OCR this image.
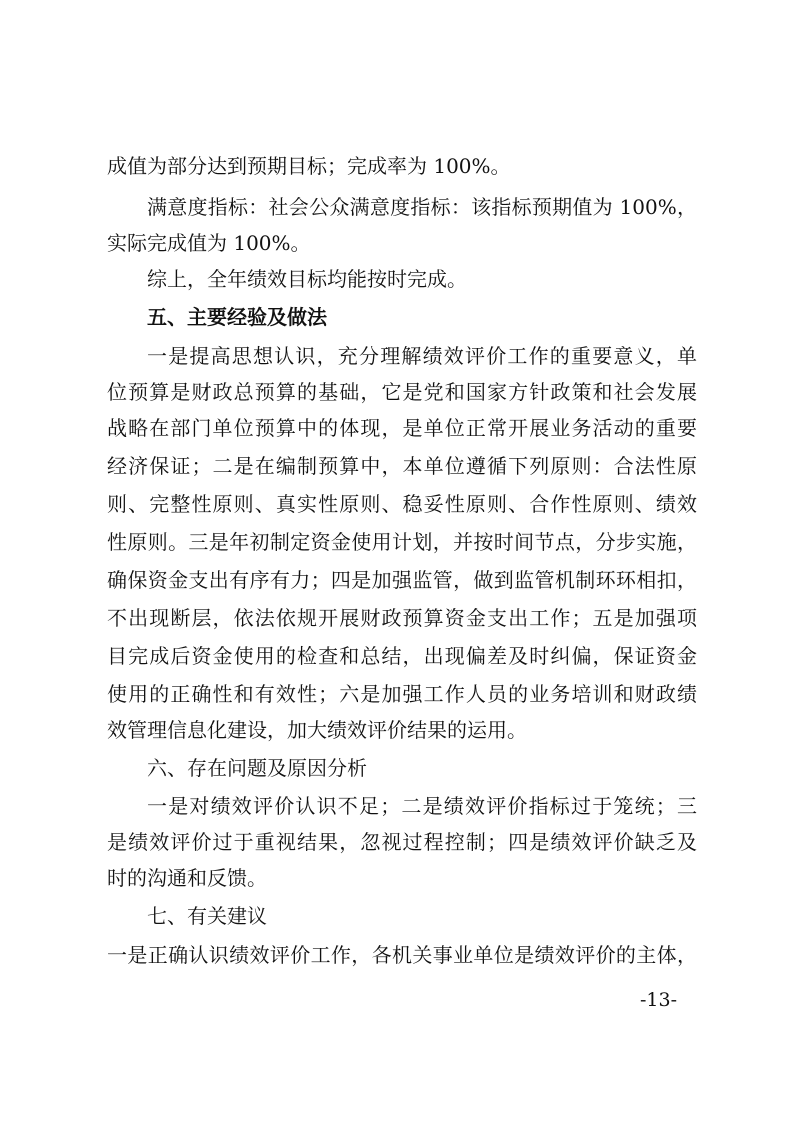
成值为部分达到预期目标；完成率为 100%。
满意度指标：社会公众满意度指标：该指标预期值为 100%，
实际完成值为 100%。
综上，全年绩效目标均能按时完成。
五、主要经验及做法
一是提高思想认识，充分理解绩效评价工作的重要意义，单
位预算是财政总预算的基础，它是党和国家方针政策和社会发展
战略在部门单位预算中的体现，是单位正常开展业务活动的重要
经济保证；二是在编制预算中，本单位遵循下列原则：合法性原
则、完整性原则、真实性原则、稳妥性原则、合作性原则、绩效
性原则。三是年初制定资金使用计划，并按时间节点，分步实施，
确保资金支出有序有力；四是加强监管，做到监管机制环环相扣，
不出现断层，依法依规开展财政预算资金支出工作；五是加强项
目完成后资金使用的检查和总结，出现偏差及时纠偏，保证资金
使用的正确性和有效性；六是加强工作人员的业务培训和财政绩
效管理信息化建设，加大绩效评价结果的运用。
六、存在问题及原因分析
一是对绩效评价认识不足；二是绩效评价指标过于笼统；三
是绩效评价过于重视结果，忽视过程控制；四是绩效评价缺乏及
时的沟通和反馈。
七、有关建议
一是正确认识绩效评价工作，各机关事业单位是绩效评价的主体，
-13-
